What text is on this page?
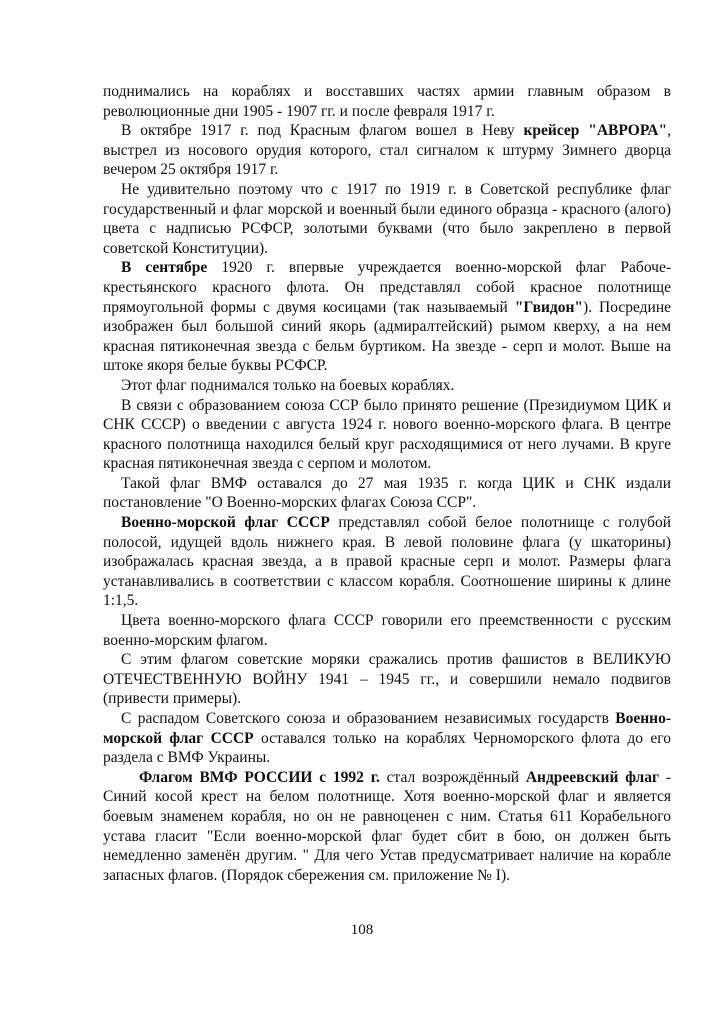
поднимались на кораблях и восставших частях армии главным образом в революционные дни 1905 - 1907 гг. и после февраля 1917 г.

В октябре 1917 г. под Красным флагом вошел в Неву крейсер "АВРОРА", выстрел из носового орудия которого, стал сигналом к штурму Зимнего дворца вечером 25 октября 1917 г.

Не удивительно поэтому что с 1917 по 1919 г. в Советской республике флаг государственный и флаг морской и военный были единого образца - красного (алого) цвета с надписью РСФСР, золотыми буквами (что было закреплено в первой советской Конституции).

В сентябре 1920 г. впервые учреждается военно-морской флаг Рабоче-крестьянского красного флота. Он представлял собой красное полотнище прямоугольной формы с двумя косицами (так называемый "Гвидон"). Посредине изображен был большой синий якорь (адмиралтейский) рымом кверху, а на нем красная пятиконечная звезда с бельм буртиком. На звезде - серп и молот. Выше на штоке якоря белые буквы РСФСР.

Этот флаг поднимался только на боевых кораблях.

В связи с образованием союза ССР было принято решение (Президиумом ЦИК и СНК СССР) о введении с августа 1924 г. нового военно-морского флага. В центре красного полотнища находился белый круг расходящимися от него лучами. В круге красная пятиконечная звезда с серпом и молотом.

Такой флаг ВМФ оставался до 27 мая 1935 г. когда ЦИК и СНК издали постановление "О Военно-морских флагах Союза ССР".

Военно-морской флаг СССР представлял собой белое полотнище с голубой полосой, идущей вдоль нижнего края. В левой половине флага (у шкаторины) изображалась красная звезда, а в правой красные серп и молот. Размеры флага устанавливались в соответствии с классом корабля. Соотношение ширины к длине 1:1,5.

Цвета военно-морского флага СССР говорили его преемственности с русским военно-морским флагом.

С этим флагом советские моряки сражались против фашистов в ВЕЛИКУЮ ОТЕЧЕСТВЕННУЮ ВОЙНУ 1941 – 1945 гг., и совершили немало подвигов (привести примеры).

С распадом Советского союза и образованием независимых государств Военно-морской флаг СССР оставался только на кораблях Черноморского флота до его раздела с ВМФ Украины.

Флагом ВМФ РОССИИ с 1992 г. стал возрождённый Андреевский флаг - Синий косой крест на белом полотнище. Хотя военно-морской флаг и является боевым знаменем корабля, но он не равноценен с ним. Статья 611 Корабельного устава гласит "Если военно-морской флаг будет сбит в бою, он должен быть немедленно заменён другим. " Для чего Устав предусматривает наличие на корабле запасных флагов. (Порядок сбережения см. приложение № I).

108
